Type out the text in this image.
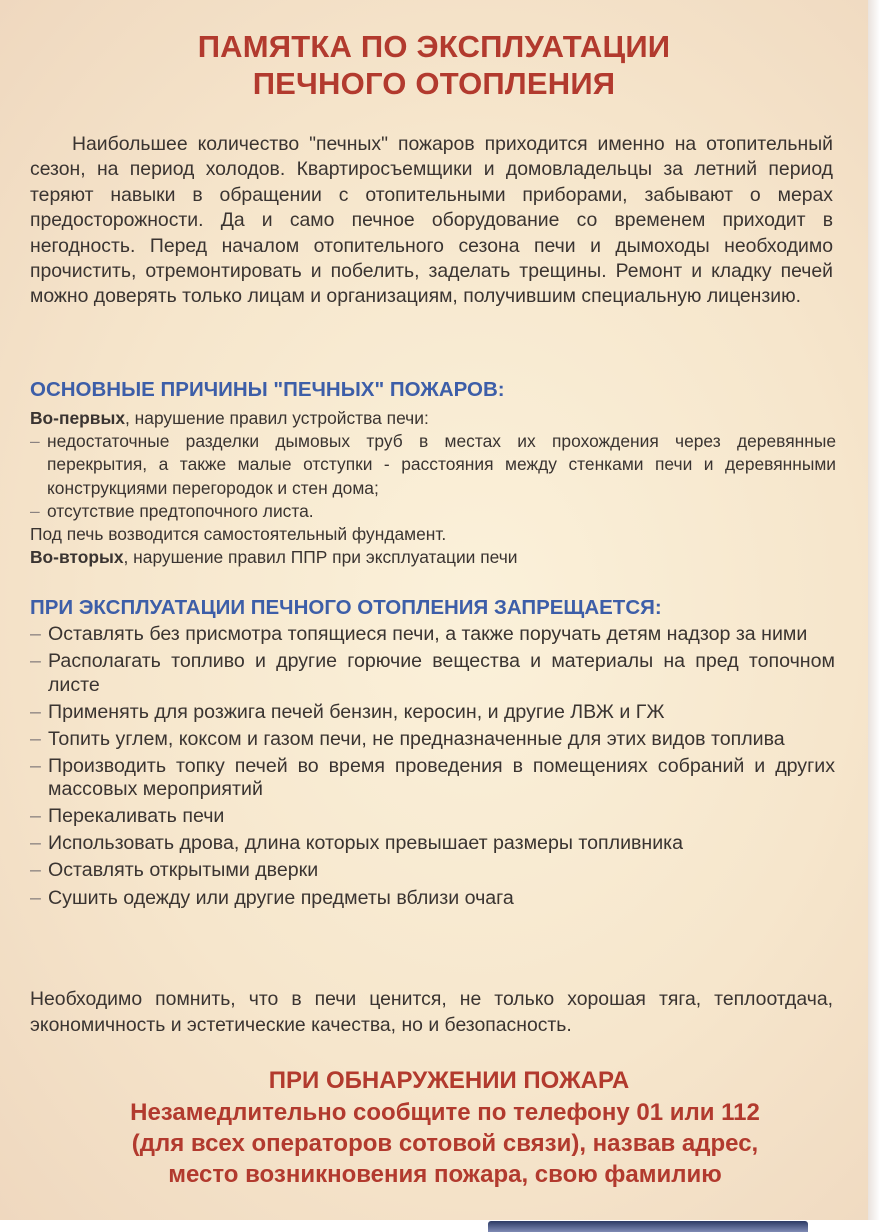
ПАМЯТКА ПО ЭКСПЛУАТАЦИИ
ПЕЧНОГО ОТОПЛЕНИЯ

Наибольшее количество "печных" пожаров приходится именно на отопительный сезон, на период холодов. Квартиросъемщики и домовладельцы за летний период теряют навыки в обращении с отопительными приборами, забывают о мерах предосторожности. Да и само печное оборудование со временем приходит в негодность. Перед началом отопительного сезона печи и дымоходы необходимо прочистить, отремонтировать и побелить, заделать трещины. Ремонт и кладку печей можно доверять только лицам и организациям, получившим специальную лицензию.

ОСНОВНЫЕ ПРИЧИНЫ "ПЕЧНЫХ" ПОЖАРОВ:

Во-первых, нарушение правил устройства печи:

– недостаточные разделки дымовых труб в местах их прохождения через деревянные перекрытия, а также малые отступки - расстояния между стенками печи и деревянными конструкциями перегородок и стен дома;

– отсутствие предтопочного листа.

Под печь возводится самостоятельный фундамент.

Во-вторых, нарушение правил ППР при эксплуатации печи

ПРИ ЭКСПЛУАТАЦИИ ПЕЧНОГО ОТОПЛЕНИЯ ЗАПРЕЩАЕТСЯ:
– Оставлять без присмотра топящиеся печи, а также поручать детям надзор за ними
– Располагать топливо и другие горючие вещества и материалы на пред топочном листе
– Применять для розжига печей бензин, керосин, и другие ЛВЖ и ГЖ
– Топить углем, коксом и газом печи, не предназначенные для этих видов топлива
– Производить топку печей во время проведения в помещениях собраний и других массовых мероприятий
– Перекаливать печи
– Использовать дрова, длина которых превышает размеры топливника
– Оставлять открытыми дверки
– Сушить одежду или другие предметы вблизи очага

Необходимо помнить, что в печи ценится, не только хорошая тяга, теплоотдача, экономичность и эстетические качества, но и безопасность.

ПРИ ОБНАРУЖЕНИИ ПОЖАРА

Незамедлительно сообщите по телефону 01 или 112
(для всех операторов сотовой связи), назвав адрес,
место возникновения пожара, свою фамилию
